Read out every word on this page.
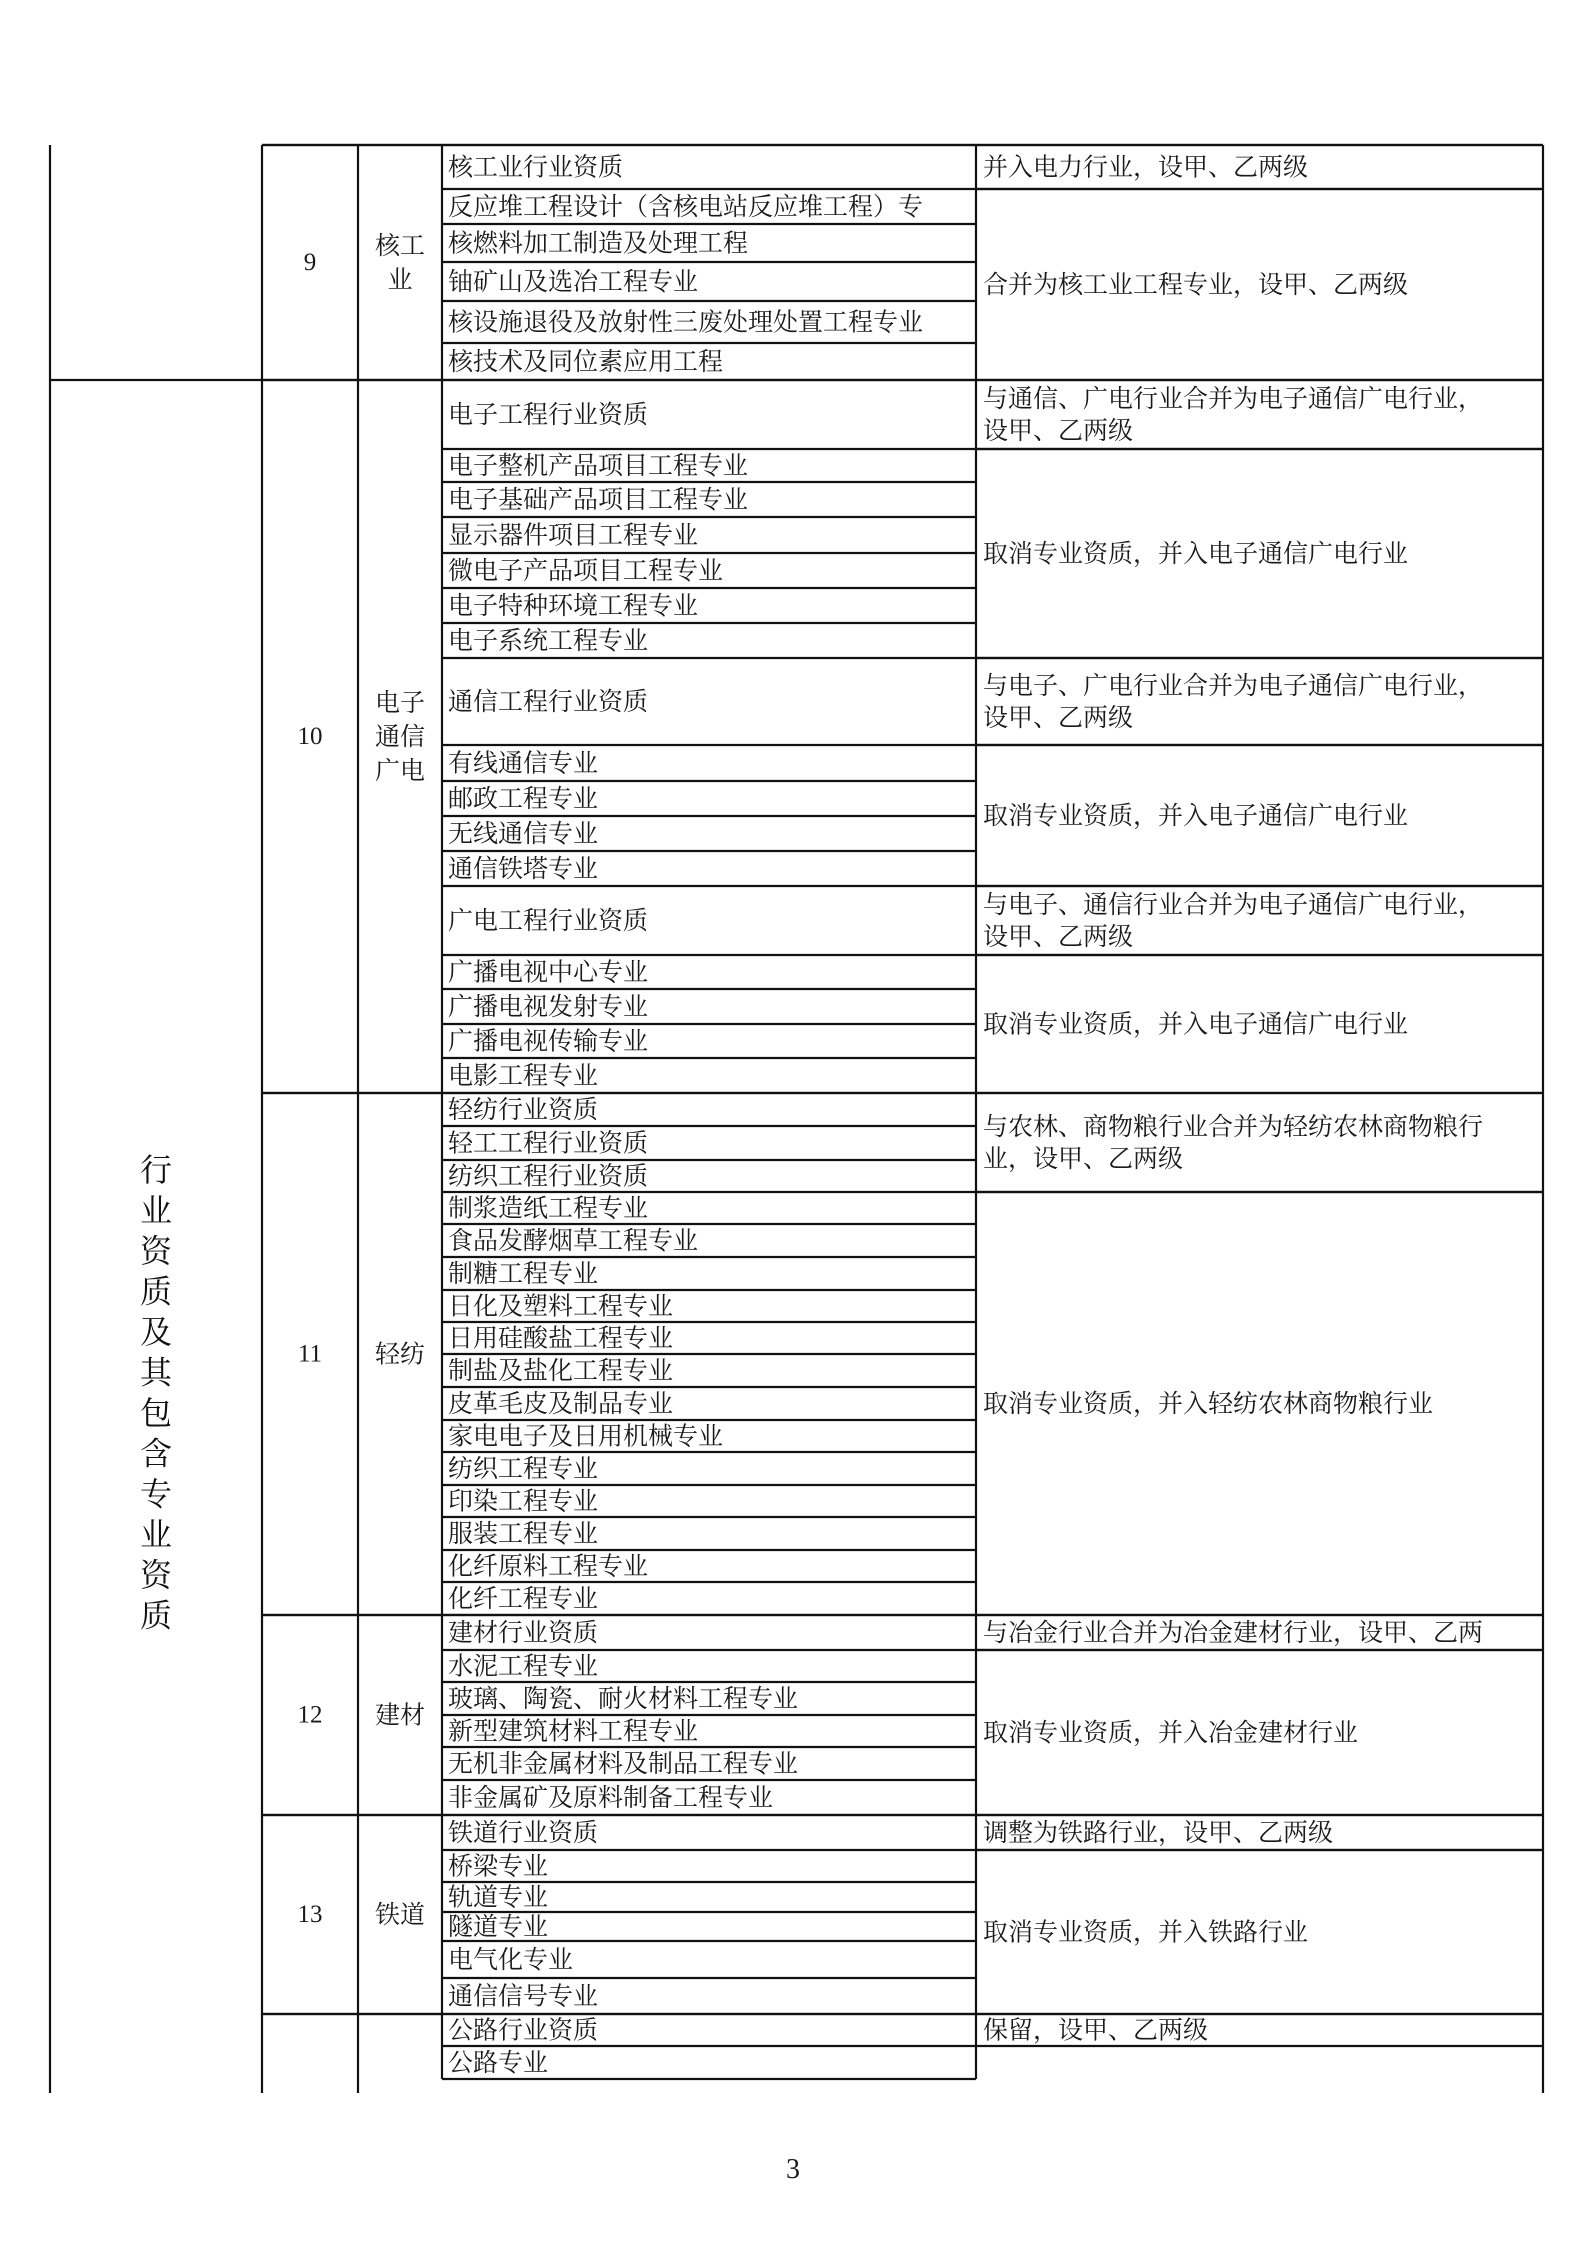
9
核工
业
核工业行业资质
反应堆工程设计（含核电站反应堆工程）专
核燃料加工制造及处理工程
铀矿山及选冶工程专业
核设施退役及放射性三废处理处置工程专业
核技术及同位素应用工程
并入电力行业，设甲、乙两级
合并为核工业工程专业，设甲、乙两级
10
电子
通信
广电
电子工程行业资质
电子整机产品项目工程专业
电子基础产品项目工程专业
显示器件项目工程专业
微电子产品项目工程专业
电子特种环境工程专业
电子系统工程专业
通信工程行业资质
有线通信专业
邮政工程专业
无线通信专业
通信铁塔专业
广电工程行业资质
广播电视中心专业
广播电视发射专业
广播电视传输专业
电影工程专业
与通信、广电行业合并为电子通信广电行业，
设甲、乙两级
取消专业资质，并入电子通信广电行业
与电子、广电行业合并为电子通信广电行业，
设甲、乙两级
取消专业资质，并入电子通信广电行业
与电子、通信行业合并为电子通信广电行业，
设甲、乙两级
取消专业资质，并入电子通信广电行业
11 轻纺
轻纺行业资质
轻工工程行业资质
纺织工程行业资质
制浆造纸工程专业
食品发酵烟草工程专业
制糖工程专业
日化及塑料工程专业
日用硅酸盐工程专业
制盐及盐化工程专业
皮革毛皮及制品专业
家电电子及日用机械专业
纺织工程专业
印染工程专业
服装工程专业
化纤原料工程专业
化纤工程专业
与农林、商物粮行业合并为轻纺农林商物粮行
业，设甲、乙两级
取消专业资质，并入轻纺农林商物粮行业
12 建材
建材行业资质
水泥工程专业
玻璃、陶瓷、耐火材料工程专业
新型建筑材料工程专业
无机非金属材料及制品工程专业
非金属矿及原料制备工程专业
与冶金行业合并为冶金建材行业，设甲、乙两
取消专业资质，并入冶金建材行业
13 铁道
铁道行业资质
桥梁专业
轨道专业
隧道专业
电气化专业
通信信号专业
调整为铁路行业，设甲、乙两级
取消专业资质，并入铁路行业
公路行业资质
公路专业
保留，设甲、乙两级
行
业
资
质
及
其
包
含
专
业
资
质
3
